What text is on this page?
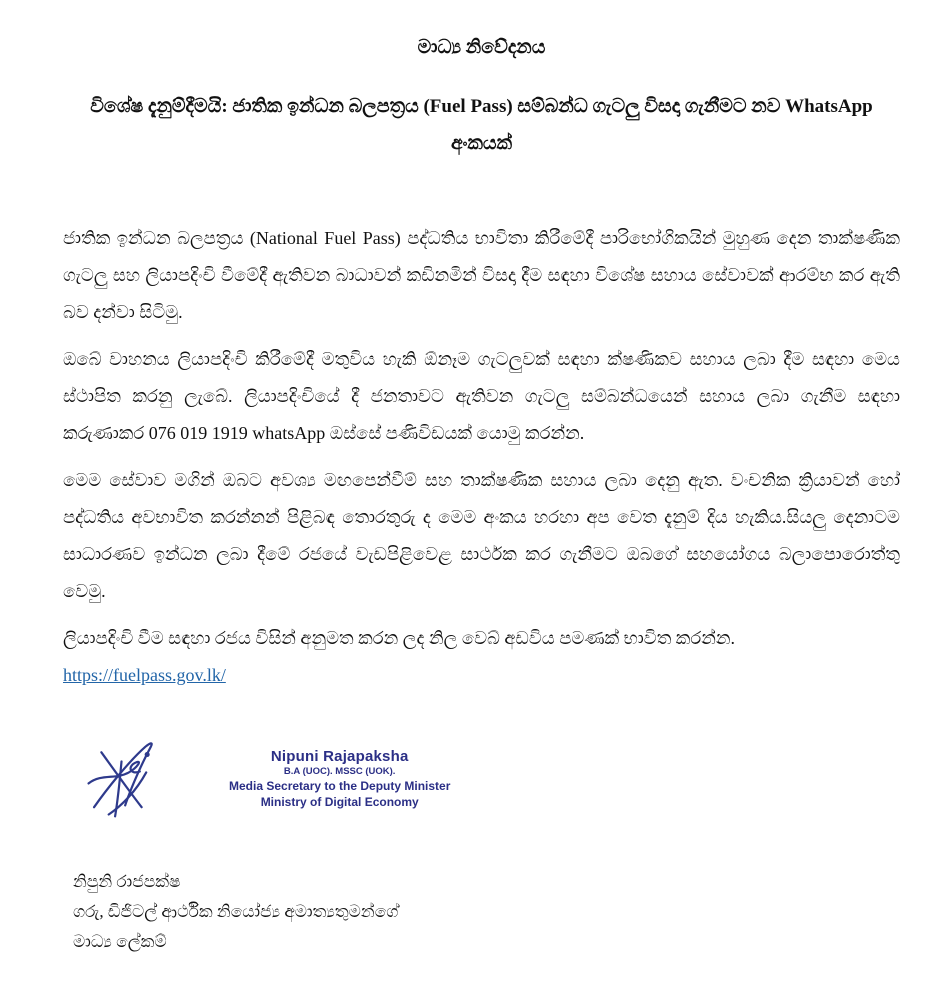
මාධ්‍ය නිවේදනය
විශේෂ දැනුම්දීමයි: ජාතික ඉන්ධන බලපත්‍රය (Fuel Pass) සම්බන්ධ ගැටලු විසදා ගැනීමට නව WhatsApp අංකයක්

ජාතික ඉන්ධන බලපත්‍රය (National Fuel Pass) පද්ධතිය භාවිතා කිරීමේදී පාරිභෝගිකයින් මුහුණ දෙන තාක්ෂණික ගැටලු සහ ලියාපදිංචි වීමේදී ඇතිවන බාධාවන් කඩිනමින් විසදා දීම සඳහා විශේෂ සහාය සේවාවක් ආරම්භ කර ඇති බව දන්වා සිටිමු.

ඔබේ වාහනය ලියාපදිංචි කිරීමේදී මතුවිය හැකි ඕනෑම ගැටලුවක් සඳහා ක්ෂණිකව සහාය ලබා දීම සඳහා මෙය ස්ථාපිත කරනු ලැබේ. ලියාපදිංචියේ දී ජනතාවට ඇතිවන ගැටලු සම්බන්ධයෙන් සහාය ලබා ගැනීම සඳහා කරුණාකර 076 019 1919 whatsApp ඔස්සේ පණිවිඩයක් යොමු කරන්න.

මෙම සේවාව මගින් ඔබට අවශ්‍ය මඟපෙන්වීම් සහ තාක්ෂණික සහාය ලබා දෙනු ඇත. වංචනික ක්‍රියාවන් හෝ පද්ධතිය අවභාවිත කරන්නන් පිළිබඳ තොරතුරු ද මෙම අංකය හරහා අප වෙත දැනුම් දිය හැකිය.සියලු දෙනාටම සාධාරණව ඉන්ධන ලබා දීමේ රජයේ වැඩපිළිවෙළ සාර්ථක කර ගැනීමට ඔබගේ සහයෝගය බලාපොරොත්තු වෙමු.

ලියාපදිංචි වීම සඳහා රජය විසින් අනුමත කරන ලද නිල වෙබ් අඩවිය පමණක් භාවිත කරන්න.

https://fuelpass.gov.lk/
Nipuni Rajapaksha
B.A (UOC). MSSC (UOK).
Media Secretary to the Deputy Minister
Ministry of Digital Economy
නිපුනි රාජපක්ෂ
ගරු, ඩිජිටල් ආර්ථික නියෝජ්‍ය අමාත්‍යතුමන්ගේ
මාධ්‍ය ලේකම්
